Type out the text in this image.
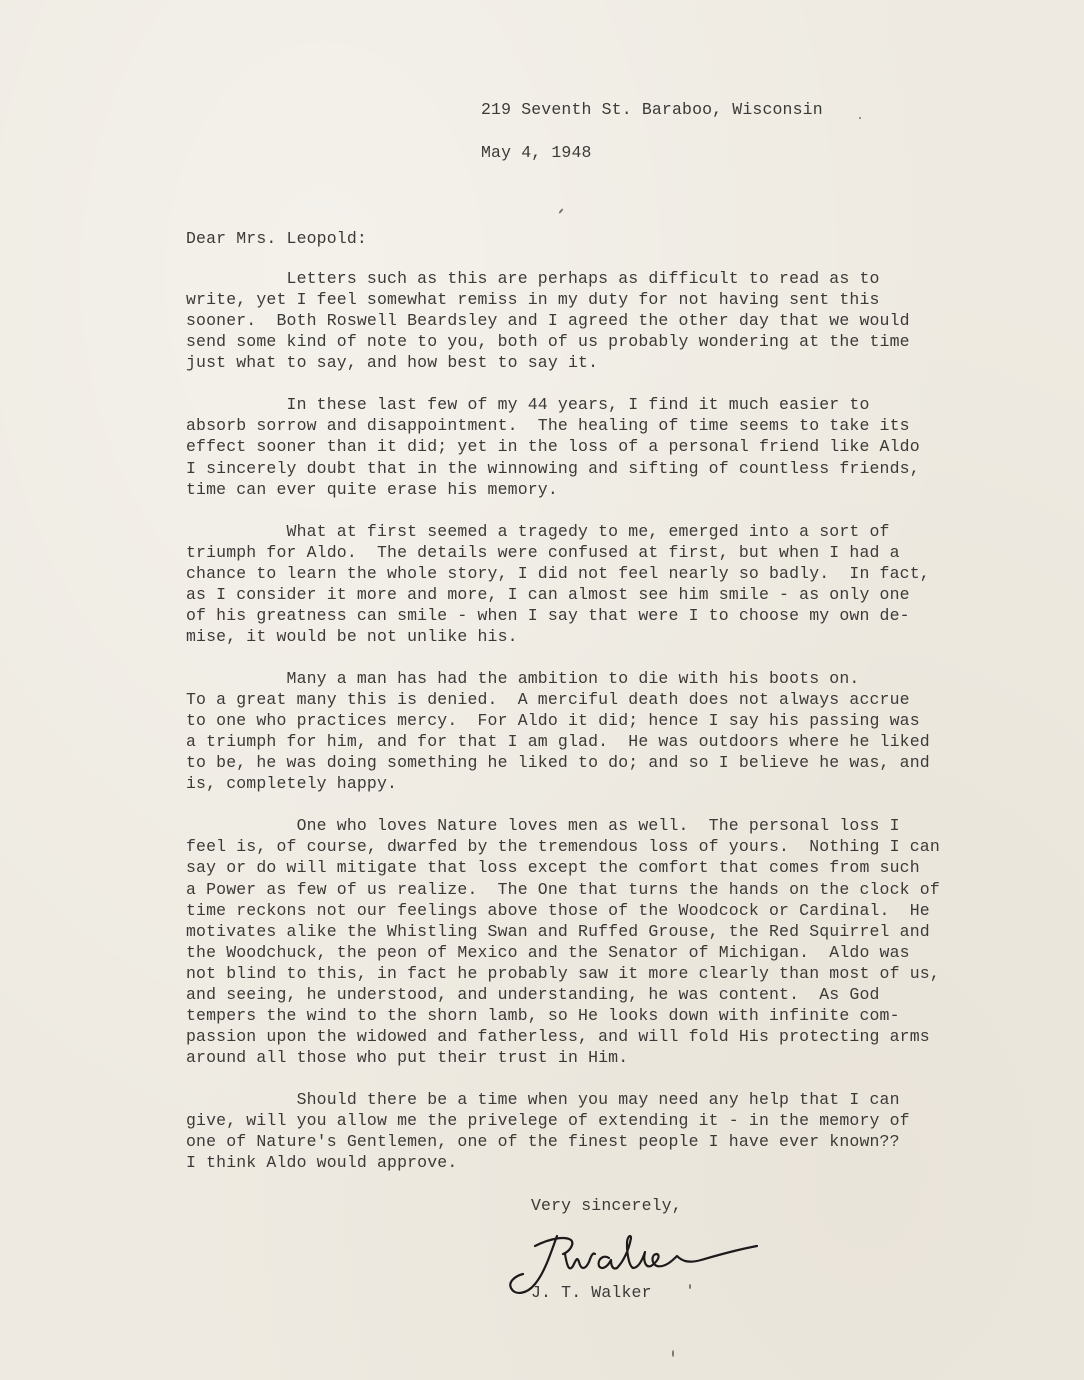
219 Seventh St. Baraboo, Wisconsin
May 4, 1948
Dear Mrs. Leopold:
Letters such as this are perhaps as difficult to read as to
write, yet I feel somewhat remiss in my duty for not having sent this
sooner.  Both Roswell Beardsley and I agreed the other day that we would
send some kind of note to you, both of us probably wondering at the time
just what to say, and how best to say it.
In these last few of my 44 years, I find it much easier to
absorb sorrow and disappointment.  The healing of time seems to take its
effect sooner than it did; yet in the loss of a personal friend like Aldo
I sincerely doubt that in the winnowing and sifting of countless friends,
time can ever quite erase his memory.
What at first seemed a tragedy to me, emerged into a sort of
triumph for Aldo.  The details were confused at first, but when I had a
chance to learn the whole story, I did not feel nearly so badly.  In fact,
as I consider it more and more, I can almost see him smile - as only one
of his greatness can smile - when I say that were I to choose my own de-
mise, it would be not unlike his.
Many a man has had the ambition to die with his boots on.
To a great many this is denied.  A merciful death does not always accrue
to one who practices mercy.  For Aldo it did; hence I say his passing was
a triumph for him, and for that I am glad.  He was outdoors where he liked
to be, he was doing something he liked to do; and so I believe he was, and
is, completely happy.
One who loves Nature loves men as well.  The personal loss I
feel is, of course, dwarfed by the tremendous loss of yours.  Nothing I can
say or do will mitigate that loss except the comfort that comes from such
a Power as few of us realize.  The One that turns the hands on the clock of
time reckons not our feelings above those of the Woodcock or Cardinal.  He
motivates alike the Whistling Swan and Ruffed Grouse, the Red Squirrel and
the Woodchuck, the peon of Mexico and the Senator of Michigan.  Aldo was
not blind to this, in fact he probably saw it more clearly than most of us,
and seeing, he understood, and understanding, he was content.  As God
tempers the wind to the shorn lamb, so He looks down with infinite com-
passion upon the widowed and fatherless, and will fold His protecting arms
around all those who put their trust in Him.
Should there be a time when you may need any help that I can
give, will you allow me the privelege of extending it - in the memory of
one of Nature's Gentlemen, one of the finest people I have ever known??
I think Aldo would approve.
Very sincerely,
J. T. Walker
